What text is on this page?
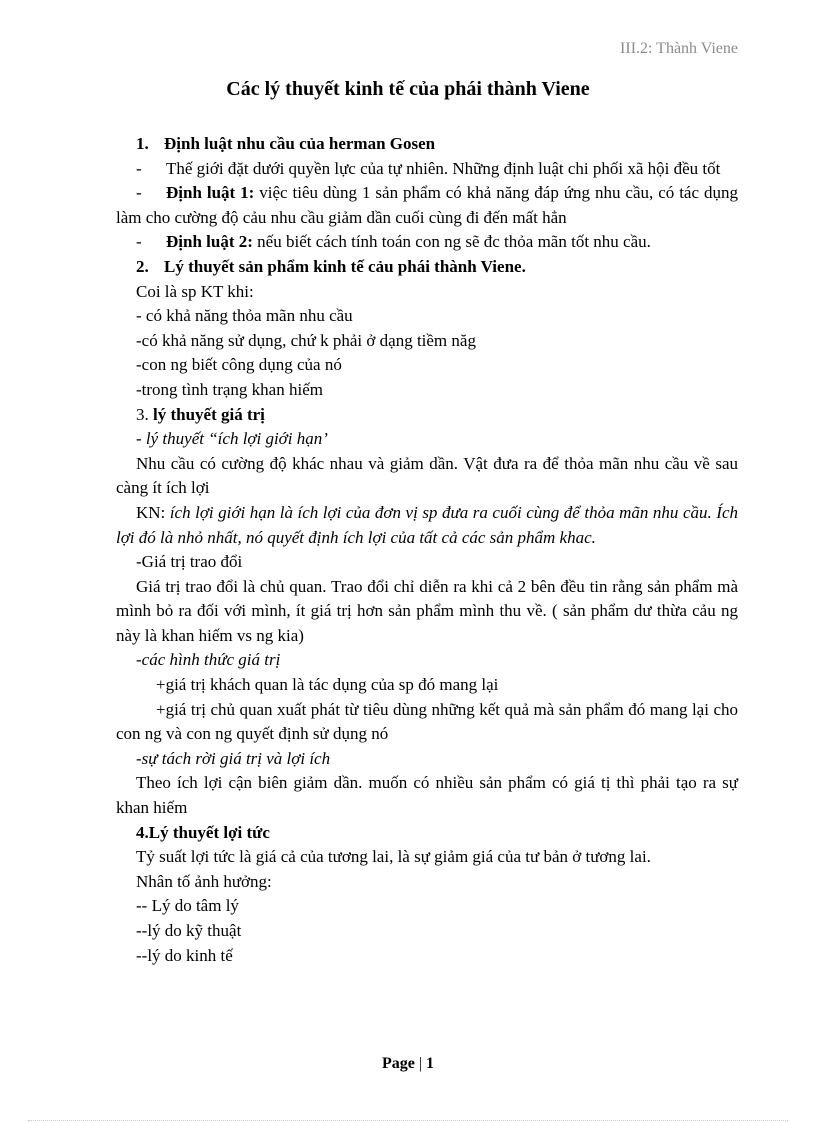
III.2: Thành Viene
Các lý thuyết kinh tế của phái thành Viene

1. Định luật nhu cầu của herman Gosen

- Thế giới đặt dưới quyền lực của tự nhiên. Những định luật chi phối xã hội đều tốt

- Định luật 1: việc tiêu dùng 1 sản phẩm có khả năng đáp ứng nhu cầu, có tác dụng làm cho cường độ cảu nhu cầu giảm dần cuối cùng đi đến mất hẳn

- Định luật 2: nếu biết cách tính toán con ng sẽ đc thỏa mãn tốt nhu cầu.

2. Lý thuyết sản phẩm kinh tế cảu phái thành Viene.

Coi là sp KT khi:

- có khả năng thỏa mãn nhu cầu

-có khả năng sử dụng, chứ k phải ở dạng tiềm năg

-con ng biết công dụng của nó

-trong tình trạng khan hiếm

3. lý thuyết giá trị

- lý thuyết “ích lợi giới hạn’

Nhu cầu có cường độ khác nhau và giảm dần. Vật đưa ra để thỏa mãn nhu cầu về sau càng ít ích lợi

KN: ích lợi giới hạn là ích lợi của đơn vị sp đưa ra cuối cùng để thỏa mãn nhu cầu. Ích lợi đó là nhỏ nhất, nó quyết định ích lợi của tất cả các sản phẩm khac.

-Giá trị trao đổi

Giá trị trao đổi là chủ quan. Trao đổi chỉ diễn ra khi cả 2 bên đều tin rằng sản phẩm mà mình bỏ ra đối với mình, ít giá trị hơn sản phẩm mình thu về. ( sản phẩm dư thừa cảu ng này là khan hiếm vs ng kia)

-các hình thức giá trị

+giá trị khách quan là tác dụng của sp đó mang lại

+giá trị chủ quan xuất phát từ tiêu dùng những kết quả mà sản phẩm đó mang lại cho con ng và con ng quyết định sử dụng nó

-sự tách rời giá trị và lợi ích

Theo ích lợi cận biên giảm dần. muốn có nhiều sản phẩm có giá tị thì phải tạo ra sự khan hiếm

4.Lý thuyết lợi tức

Tỷ suất lợi tức là giá cả của tương lai, là sự giảm giá của tư bản ở tương lai.

Nhân tố ảnh hưởng:

-- Lý do tâm lý

--lý do kỹ thuật

--lý do kinh tế

Page | 1
